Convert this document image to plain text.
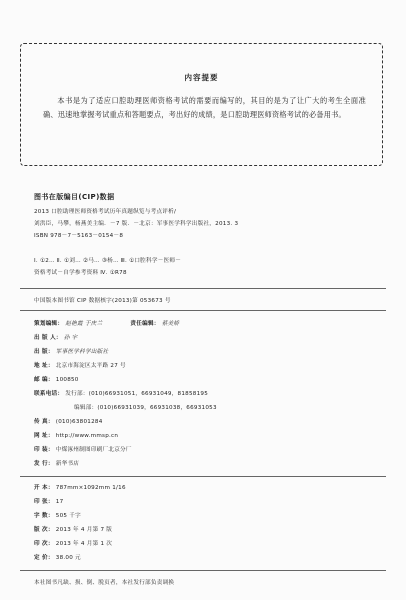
内容提要
本书是为了适应口腔助理医师资格考试的需要而编写的，其目的是为了让广大的考生全面准确、迅速地掌握考试重点和答题要点，考出好的成绩，是口腔助理医师资格考试的必备用书。
图书在版编目(CIP)数据
2013 口腔助理医师资格考试历年真题纵览与考点评析/
刘洪臣，马攀，杨燕美主编．－7 版．－北京：军事医学科学出版社，2013. 3
ISBN 978－7－5163－0154－8
Ⅰ. ①2… Ⅱ. ①刘… ②马… ③杨… Ⅲ. ①口腔科学－医师－
资格考试－自学参考资料 Ⅳ. ①R78
中国版本图书馆 CIP 数据核字(2013)第 053673 号
策划编辑： 赵艳霞 于庆兰	责任编辑： 蔡美娇
出 版 人： 孙 宇
出 版： 军事医学科学出版社
地 址： 北京市海淀区太平路 27 号
邮 编： 100850
联系电话： 发行部：(010)66931051，66931049，81858195
编辑部：(010)66931039，66931038，66931053
传 真： (010)63801284
网 址： http://www.mmsp.cn
印 装： 中煤涿州制图印刷厂北京分厂
发 行： 新华书店
开 本： 787mm×1092mm 1/16
印 张： 17
字 数： 505 千字
版 次： 2013 年 4 月第 7 版
印 次： 2013 年 4 月第 1 次
定 价： 38.00 元
本社图书凡缺、损、倒、脱页者，本社发行部负责调换
